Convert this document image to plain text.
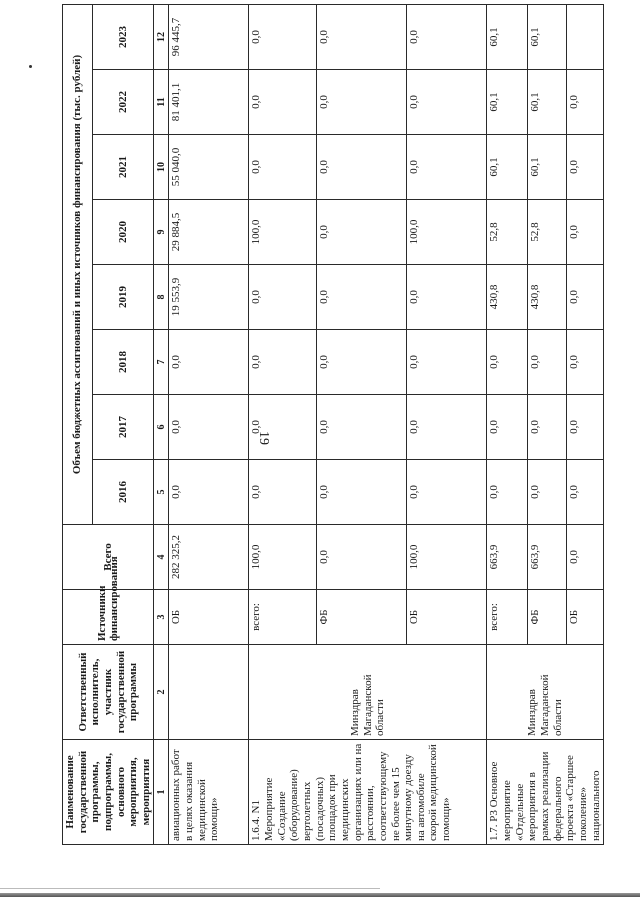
19
Наименование государственной программы, подпрограммы, основного мероприятия, мероприятия	Ответственный исполнитель, участник государственной программы	Источники финансирования	Всего	Объем бюджетных ассигнований и иных источников финансирования (тыс. рублей)							
				2016	2017	2018	2019	2020	2021	2022	2023
1	2	3	4	5	6	7	8	9	10	11	12
авиационных работ в целях оказания медицинской помощи»		ОБ	282 325,2	0,0	0,0	0,0	19 553,9	29 884,5	55 040,0	81 401,1	96 445,7
1.6.4. N1 Мероприятие «Создание (оборудование) вертолетных (посадочных) площадок при медицинских организациях или на расстоянии, соответствующему не более чем 15 минутному доезду на автомобиле скорой медицинской помощи»	Минздрав Магаданской области	всего:	100,0	0,0	0,0	0,0	0,0	100,0	0,0	0,0	0,0
		ФБ	0,0	0,0	0,0	0,0	0,0	0,0	0,0	0,0	0,0
		ОБ	100,0	0,0	0,0	0,0	0,0	100,0	0,0	0,0	0,0
1.7. Р3 Основное мероприятие «Отдельные мероприятия в рамках реализации федерального проекта «Старшее поколение» национального	Минздрав Магаданской области	всего:	663,9	0,0	0,0	0,0	430,8	52,8	60,1	60,1	60,1
		ФБ	663,9	0,0	0,0	0,0	430,8	52,8	60,1	60,1	60,1
		ОБ	0,0	0,0	0,0	0,0	0,0	0,0	0,0	0,0	
